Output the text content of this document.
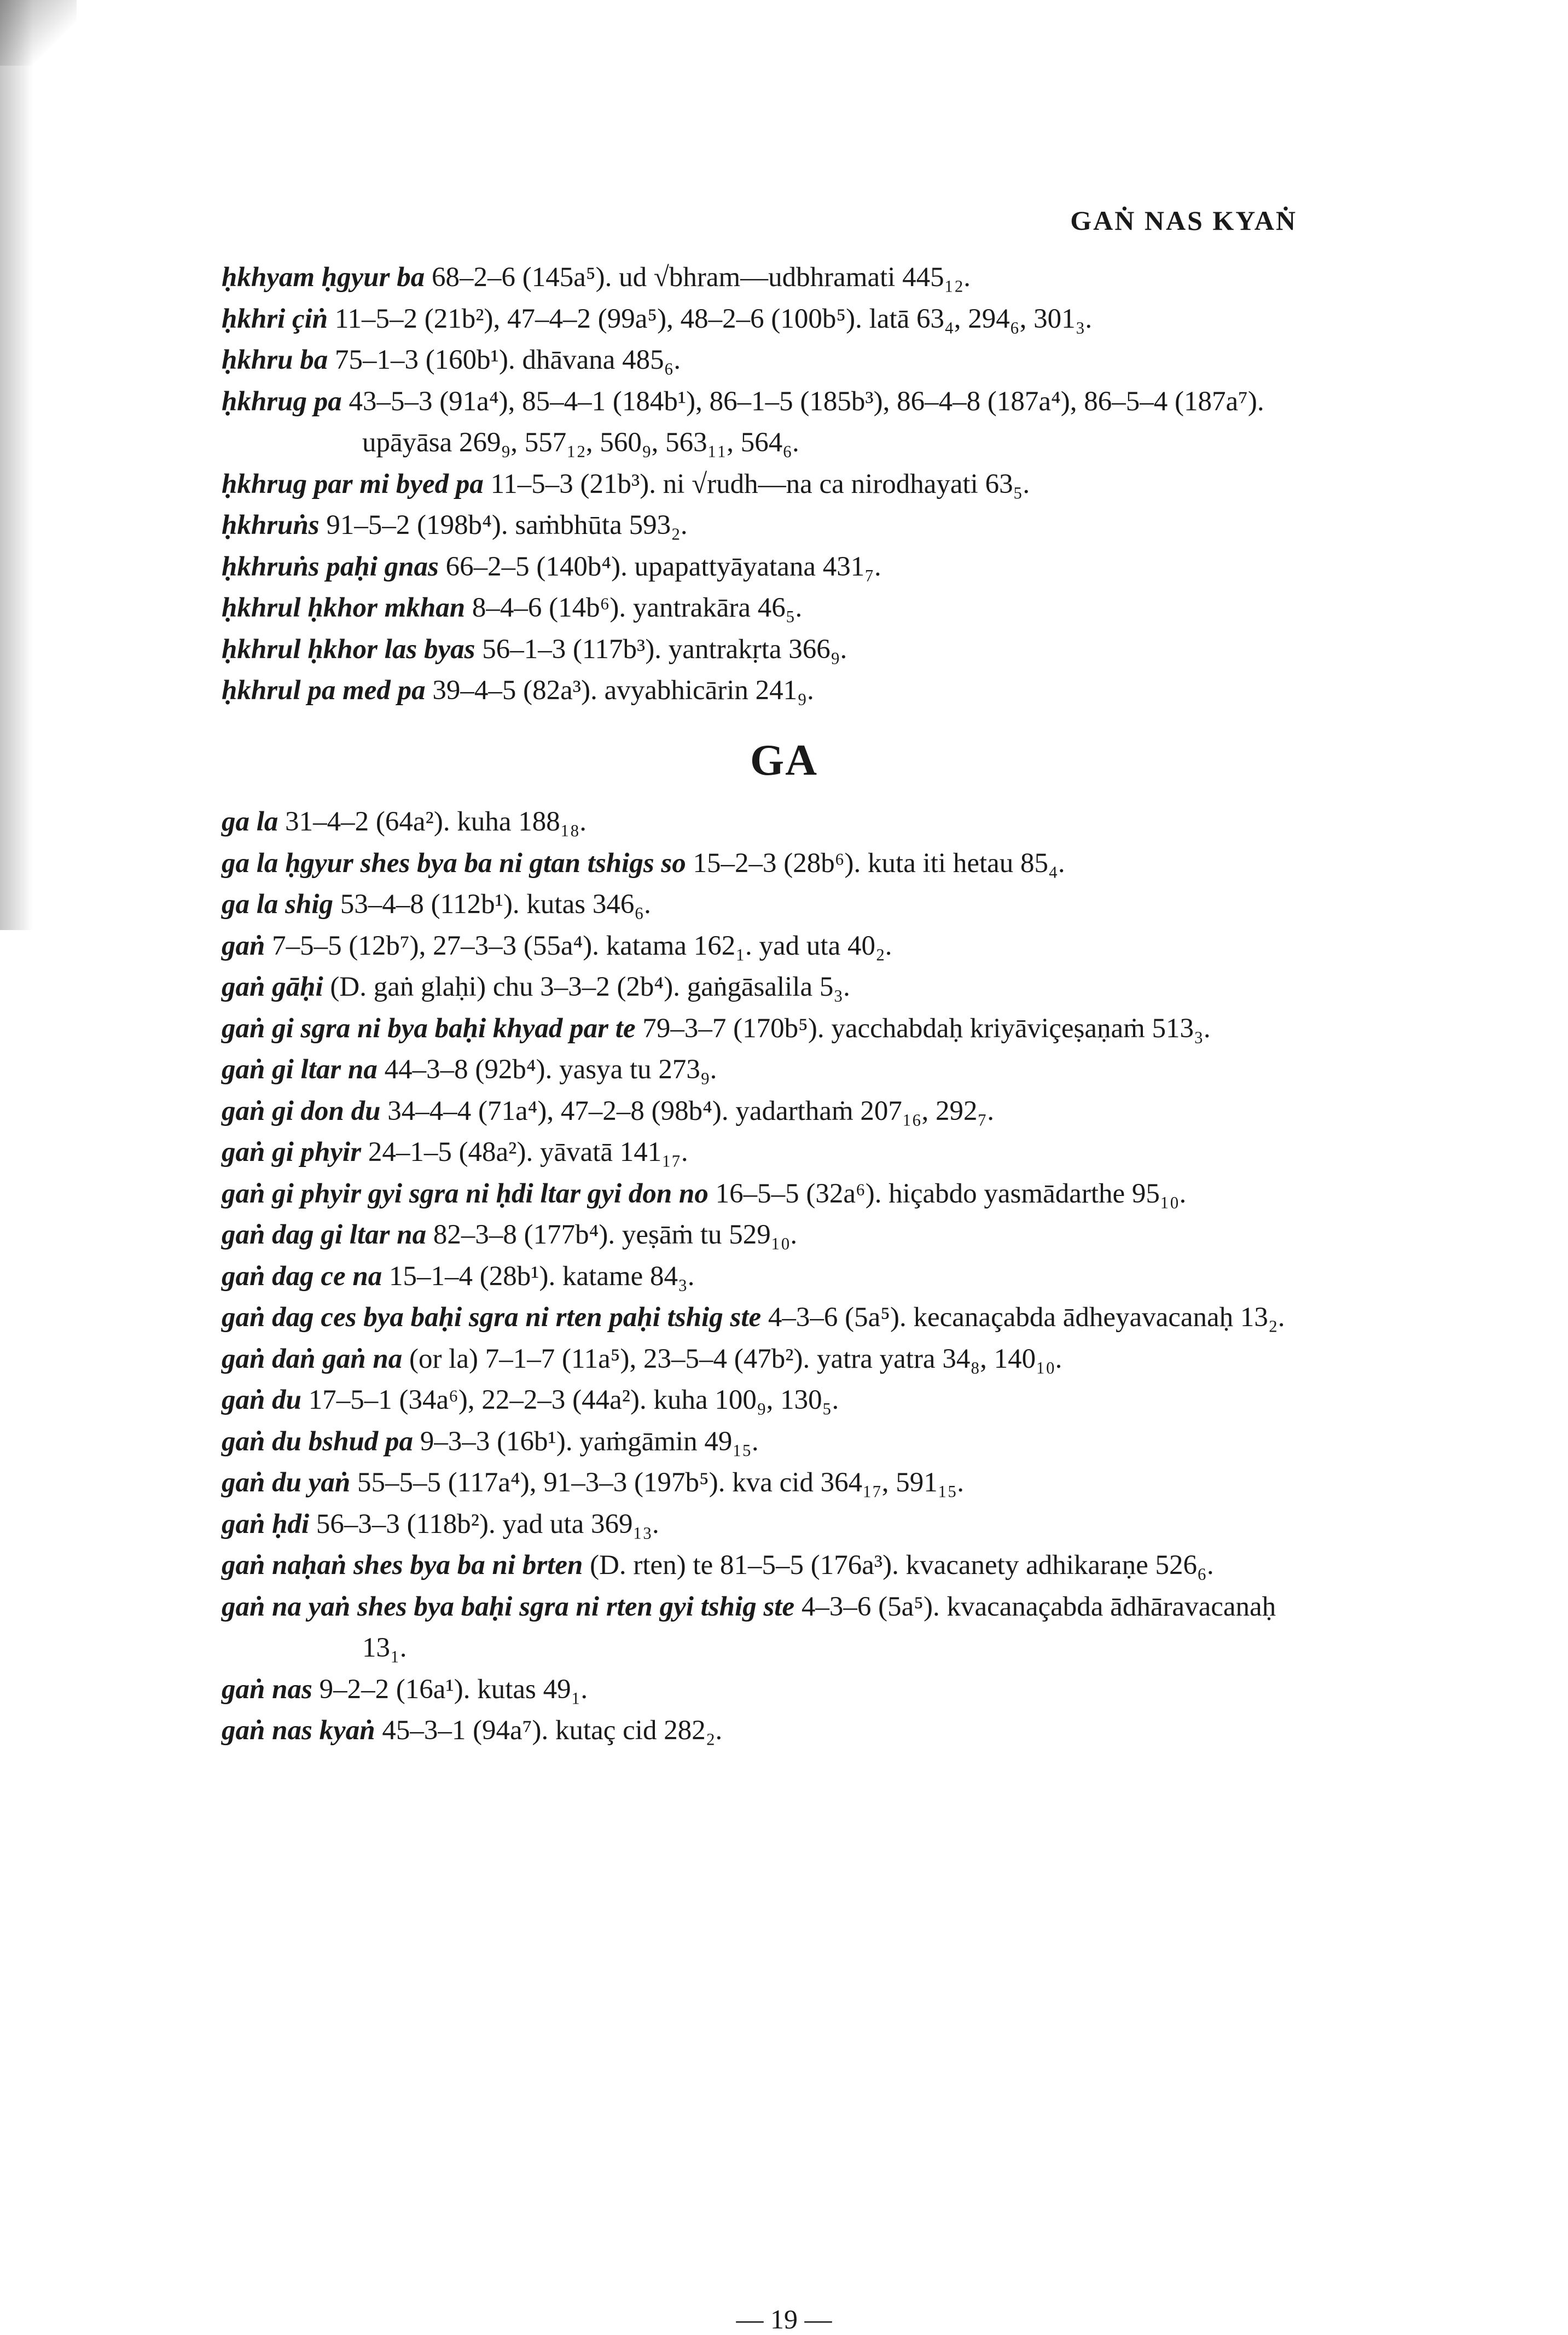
GAṄ NAS KYAṄ

ḥkhyam ḥgyur ba 68–2–6 (145a⁵). ud √bhram—udbhramati 445₁₂.

ḥkhri çiṅ 11–5–2 (21b²), 47–4–2 (99a⁵), 48–2–6 (100b⁵). latā 63₄, 294₆, 301₃.

ḥkhru ba 75–1–3 (160b¹). dhāvana 485₆.

ḥkhrug pa 43–5–3 (91a⁴), 85–4–1 (184b¹), 86–1–5 (185b³), 86–4–8 (187a⁴), 86–5–4 (187a⁷). upāyāsa 269₉, 557₁₂, 560₉, 563₁₁, 564₆.

ḥkhrug par mi byed pa 11–5–3 (21b³). ni √rudh—na ca nirodhayati 63₅.

ḥkhruṅs 91–5–2 (198b⁴). saṁbhūta 593₂.

ḥkhruṅs paḥi gnas 66–2–5 (140b⁴). upapattyāyatana 431₇.

ḥkhrul ḥkhor mkhan 8–4–6 (14b⁶). yantrakāra 46₅.

ḥkhrul ḥkhor las byas 56–1–3 (117b³). yantrakṛta 366₉.

ḥkhrul pa med pa 39–4–5 (82a³). avyabhicārin 241₉.

GA

ga la 31–4–2 (64a²). kuha 188₁₈.

ga la ḥgyur shes bya ba ni gtan tshigs so 15–2–3 (28b⁶). kuta iti hetau 85₄.

ga la shig 53–4–8 (112b¹). kutas 346₆.

gaṅ 7–5–5 (12b⁷), 27–3–3 (55a⁴). katama 162₁. yad uta 40₂.

gaṅ gāḥi (D. gaṅ glaḥi) chu 3–3–2 (2b⁴). gaṅgāsalila 5₃.

gaṅ gi sgra ni bya baḥi khyad par te 79–3–7 (170b⁵). yacchabdaḥ kriyāviçeṣaṇaṁ 513₃.

gaṅ gi ltar na 44–3–8 (92b⁴). yasya tu 273₉.

gaṅ gi don du 34–4–4 (71a⁴), 47–2–8 (98b⁴). yadarthaṁ 207₁₆, 292₇.

gaṅ gi phyir 24–1–5 (48a²). yāvatā 141₁₇.

gaṅ gi phyir gyi sgra ni ḥdi ltar gyi don no 16–5–5 (32a⁶). hiçabdo yasmādarthe 95₁₀.

gaṅ dag gi ltar na 82–3–8 (177b⁴). yeṣāṁ tu 529₁₀.

gaṅ dag ce na 15–1–4 (28b¹). katame 84₃.

gaṅ dag ces bya baḥi sgra ni rten paḥi tshig ste 4–3–6 (5a⁵). kecanaçabda ādheyavacanaḥ 13₂.

gaṅ daṅ gaṅ na (or la) 7–1–7 (11a⁵), 23–5–4 (47b²). yatra yatra 34₈, 140₁₀.

gaṅ du 17–5–1 (34a⁶), 22–2–3 (44a²). kuha 100₉, 130₅.

gaṅ du bshud pa 9–3–3 (16b¹). yaṁgāmin 49₁₅.

gaṅ du yaṅ 55–5–5 (117a⁴), 91–3–3 (197b⁵). kva cid 364₁₇, 591₁₅.

gaṅ ḥdi 56–3–3 (118b²). yad uta 369₁₃.

gaṅ naḥaṅ shes bya ba ni brten (D. rten) te 81–5–5 (176a³). kvacanety adhikaraṇe 526₆.

gaṅ na yaṅ shes bya baḥi sgra ni rten gyi tshig ste 4–3–6 (5a⁵). kvacanaçabda ādhāravacanaḥ 13₁.

gaṅ nas 9–2–2 (16a¹). kutas 49₁.

gaṅ nas kyaṅ 45–3–1 (94a⁷). kutaç cid 282₂.

— 19 —
